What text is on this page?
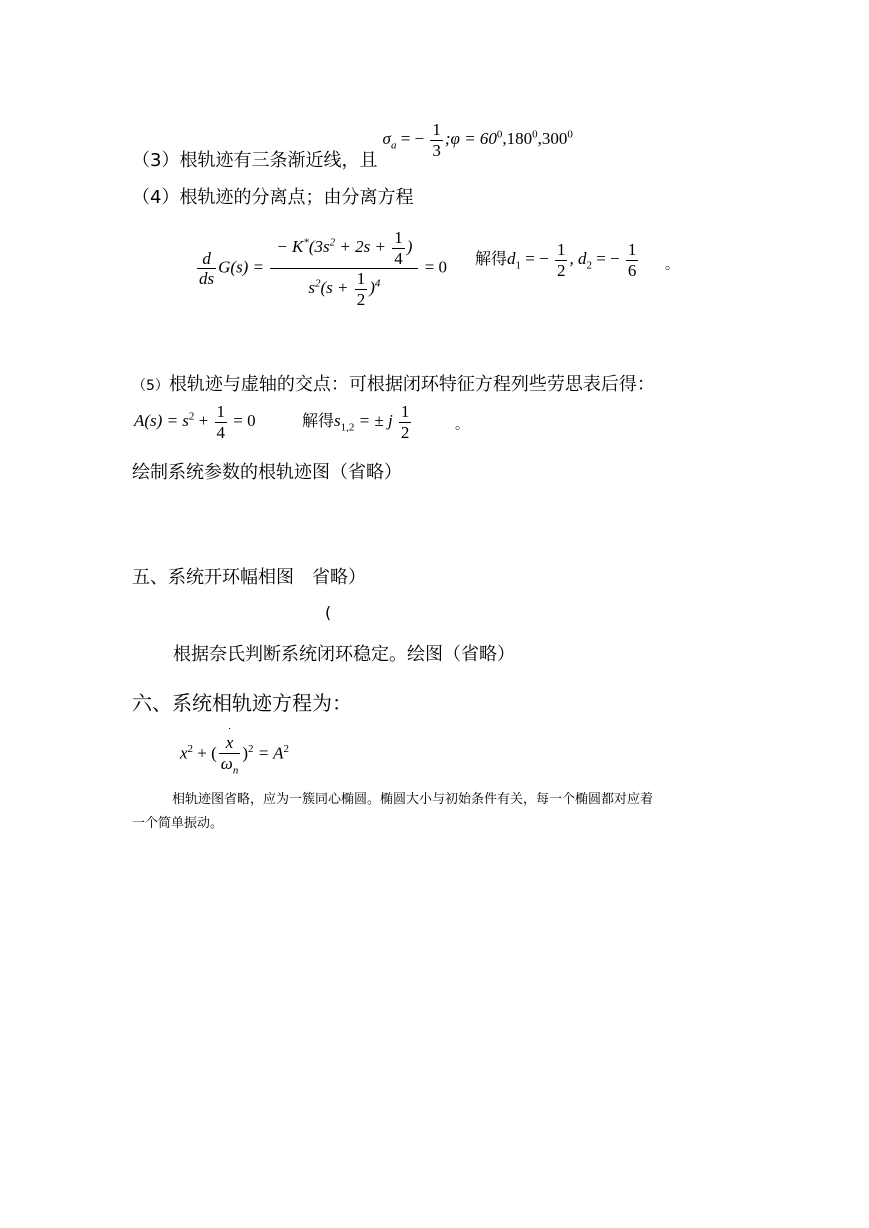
（3）根轨迹有三条渐近线，且 $\sigma_a$ = − $\frac{1}{3}$ ;φ = $60^0,180^0,300^0$
（4）根轨迹的分离点；由分离方程
$\frac{d}{ds} G(s) = \frac{- K^*(3s^2 + 2s + \frac{1}{4} )}{s^2(s + \frac{1}{2} )^4} = 0$ 解得$d_1$ = − $\frac{1}{2}$ , $d_2$ = − $\frac{1}{6}$ 。
（5）根轨迹与虚轴的交点：可根据闭环特征方程列些劳思表后得：
$A(s) = s^2 + \frac{1}{4} = 0$	解得$s_{1,2}$ = ± j $\frac{1}{2}$	。
绘制系统参数的根轨迹图（省略）
五、系统开环幅相图　省略）
(
根据奈氏判断系统闭环稳定。绘图（省略）
六、系统相轨迹方程为：
$x^2$ + ( ·
x
$\omega_n$ )$^2 = A^2$
相轨迹图省略，应为一簇同心椭圆。椭圆大小与初始条件有关，每一个椭圆都对应着
一个简单振动。
